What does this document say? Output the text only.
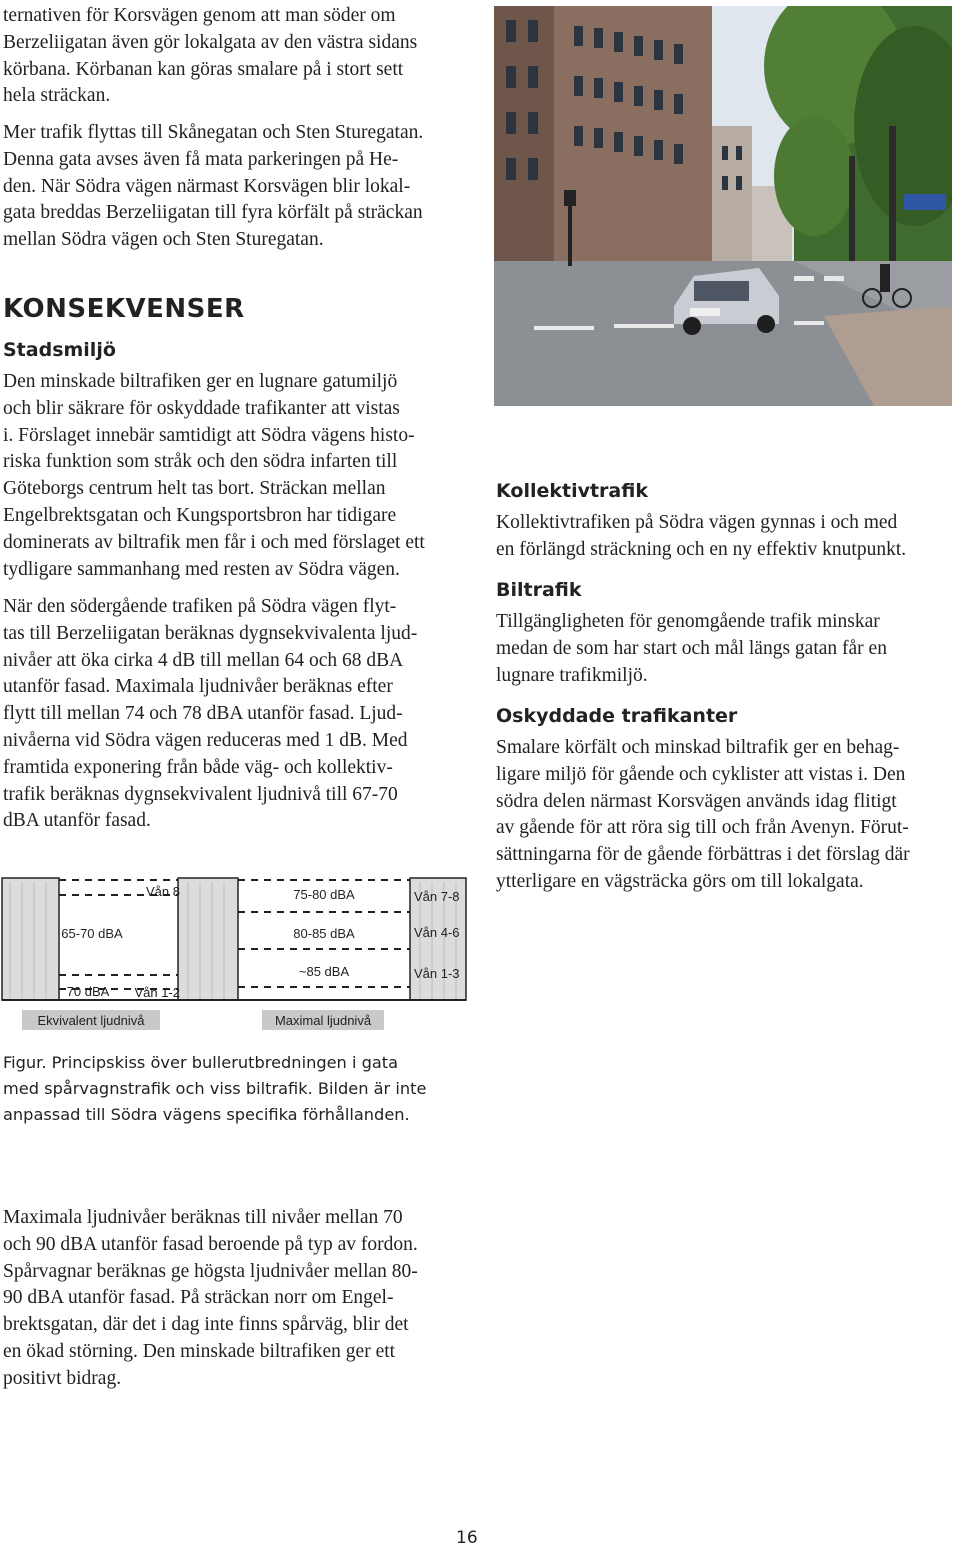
ternativen för Korsvägen genom att man söder om
Berzeliigatan även gör lokalgata av den västra sidans
körbana. Körbanan kan göras smalare på i stort sett
hela sträckan.
Mer trafik flyttas till Skånegatan och Sten Sturegatan.
Denna gata avses även få mata parkeringen på He-
den. När Södra vägen närmast Korsvägen blir lokal-
gata breddas Berzeliigatan till fyra körfält på sträckan
mellan Södra vägen och Sten Sturegatan.
KONSEKVENSER
Stadsmiljö
Den minskade biltrafiken ger en lugnare gatumiljö
och blir säkrare för oskyddade trafikanter att vistas
i. Förslaget innebär samtidigt att Södra vägens histo-
riska funktion som stråk och den södra infarten till
Göteborgs centrum helt tas bort. Sträckan mellan
Engelbrektsgatan och Kungsportsbron har tidigare
dominerats av biltrafik men får i och med förslaget ett
tydligare sammanhang med resten av Södra vägen.
När den södergående trafiken på Södra vägen flyt-
tas till Berzeliigatan beräknas dygnsekvivalenta ljud-
nivåer att öka cirka 4 dB till mellan 64 och 68 dBA
utanför fasad. Maximala ljudnivåer beräknas efter
flytt till mellan 74 och 78 dBA utanför fasad. Ljud-
nivåerna vid Södra vägen reduceras med 1 dB. Med
framtida exponering från både väg- och kollektiv-
trafik beräknas dygnsekvivalent ljudnivå till 67-70
dBA utanför fasad.
Vån 8
65-70 dBA
70 dBA Vån 1-2
75-80 dBA
80-85 dBA
~85 dBA
Vån 7-8
Vån 4-6
Vån 1-3
Ekvivalent ljudnivå	Maximal ljudnivå
Figur. Principskiss över bullerutbredningen i gata
med spårvagnstrafik och viss biltrafik. Bilden är inte
anpassad till Södra vägens specifika förhållanden.
Maximala ljudnivåer beräknas till nivåer mellan 70
och 90 dBA utanför fasad beroende på typ av fordon.
Spårvagnar beräknas ge högsta ljudnivåer mellan 80-
90 dBA utanför fasad. På sträckan norr om Engel-
brektsgatan, där det i dag inte finns spårväg, blir det
en ökad störning. Den minskade biltrafiken ger ett
positivt bidrag.
Kollektivtrafik
Kollektivtrafiken på Södra vägen gynnas i och med
en förlängd sträckning och en ny effektiv knutpunkt.
Biltrafik
Tillgängligheten för genomgående trafik minskar
medan de som har start och mål längs gatan får en
lugnare trafikmiljö.
Oskyddade trafikanter
Smalare körfält och minskad biltrafik ger en behag-
ligare miljö för gående och cyklister att vistas i. Den
södra delen närmast Korsvägen används idag flitigt
av gående för att röra sig till och från Avenyn. Förut-
sättningarna för de gående förbättras i det förslag där
ytterligare en vägsträcka görs om till lokalgata.
16
